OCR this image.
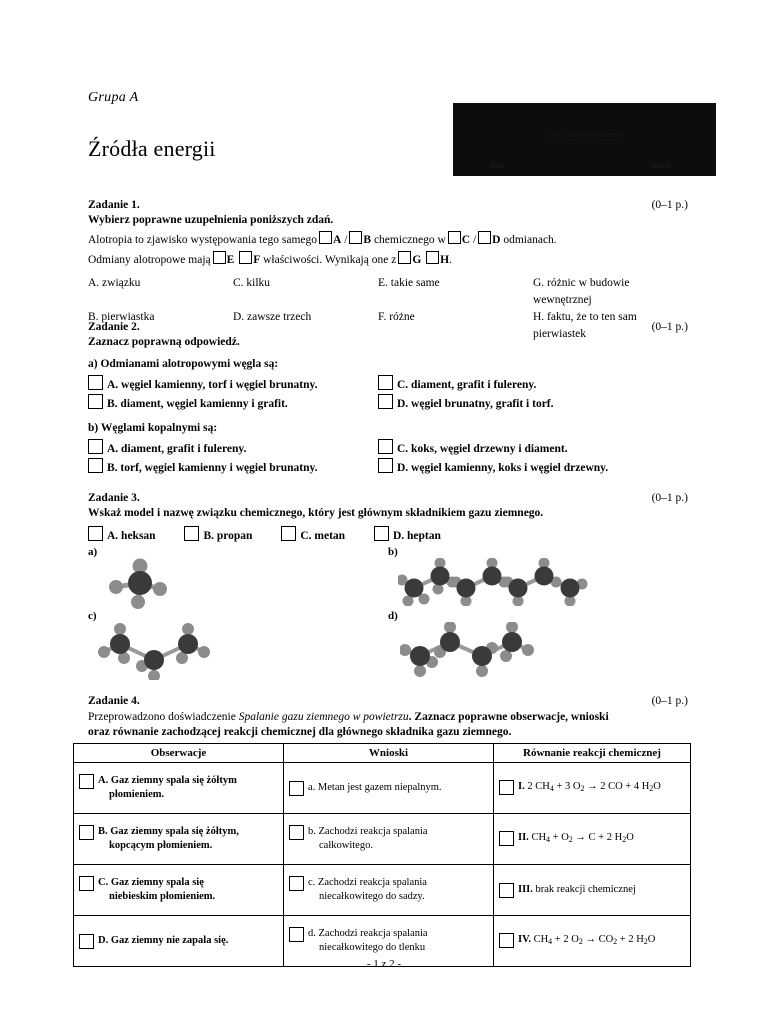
Grupa A
Źródła energii
Imię i nazwisko ucznia
data	klasa
Zadanie 1.	(0–1 p.)
Wybierz poprawne uzupełnienia poniższych zdań.
Alotropia to zjawisko występowania tego samego A / B chemicznego w C / D odmianach.
Odmiany alotropowe mają E F właściwości. Wynikają one z G H.
A. związku	C. kilku	E. takie same	G. różnic w budowie wewnętrznej
B. pierwiastka	D. zawsze trzech	F. różne	H. faktu, że to ten sam pierwiastek
Zadanie 2.	(0–1 p.)
Zaznacz poprawną odpowiedź.
a) Odmianami alotropowymi węgla są:
A. węgiel kamienny, torf i węgiel brunatny.	C. diament, grafit i fulereny.
B. diament, węgiel kamienny i grafit.	D. węgiel brunatny, grafit i torf.
b) Węglami kopalnymi są:
A. diament, grafit i fulereny.	C. koks, węgiel drzewny i diament.
B. torf, węgiel kamienny i węgiel brunatny.	D. węgiel kamienny, koks i węgiel drzewny.
Zadanie 3.	(0–1 p.)
Wskaż model i nazwę związku chemicznego, który jest głównym składnikiem gazu ziemnego.
A. heksan	B. propan	C. metan	D. heptan
a)	b)
c)	d)
Zadanie 4.	(0–1 p.)
Przeprowadzono doświadczenie Spalanie gazu ziemnego w powietrzu. Zaznacz poprawne obserwacje, wnioski
oraz równanie zachodzącej reakcji chemicznej dla głównego składnika gazu ziemnego.
Obserwacje	Wnioski	Równanie reakcji chemicznej

A. Gaz ziemny spala się żółtym
płomieniem.	a. Metan jest gazem niepalnym.	I. 2 $CH_4 + 3$ $O_2 \to 2$ CO + 4 $H_2O$

B. Gaz ziemny spala się żółtym,
kopcącym płomieniem.	b. Zachodzi reakcja spalania
całkowitego.	II. $CH_4 + O_2 \to C + 2$ $H_2O$

C. Gaz ziemny spala się
niebieskim płomieniem.	c. Zachodzi reakcja spalania
niecałkowitego do sadzy.	III. brak reakcji chemicznej

D. Gaz ziemny nie zapala się.	d. Zachodzi reakcja spalania
niecałkowitego do tlenku	IV. $CH_4 + 2$ $O_2 \to CO_2 + 2$ $H_2O$
- 1 z 2 -
